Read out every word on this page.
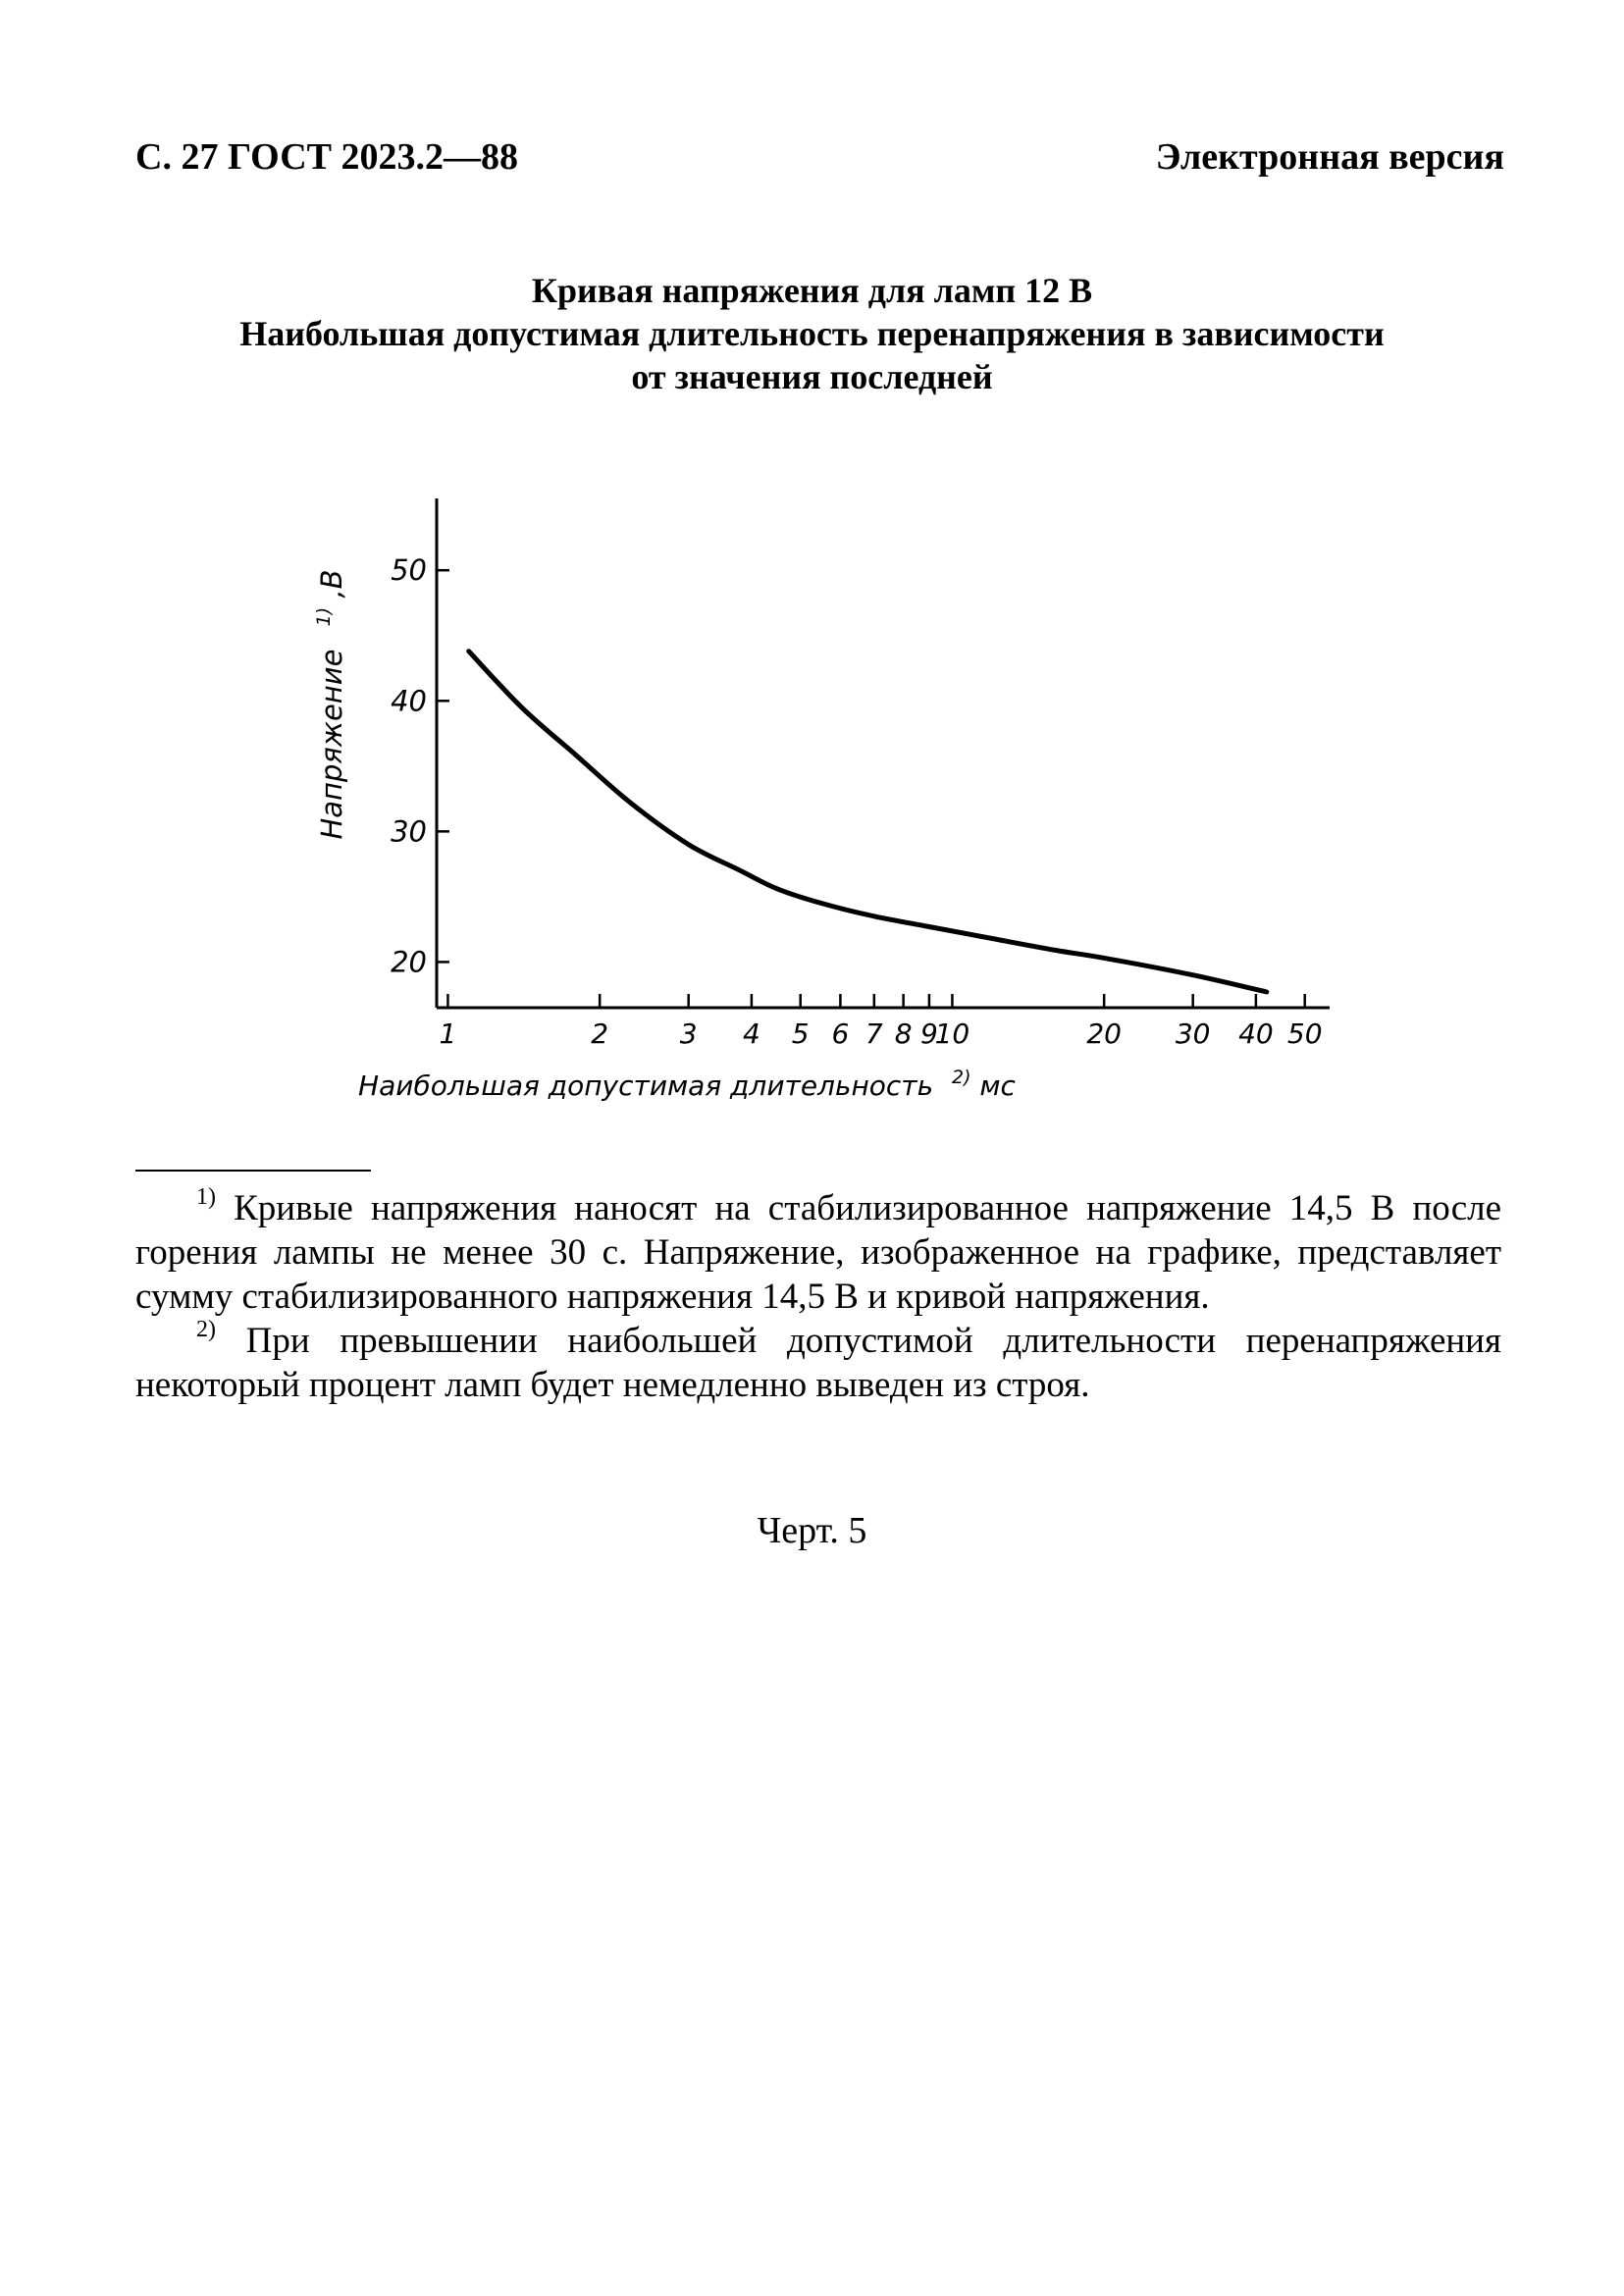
С. 27 ГОСТ 2023.2—88	Электронная версия
Кривая напряжения для ламп 12 В
Наибольшая допустимая длительность перенапряжения в зависимости
от значения последней
20
30
40
50
1	2	3 4 5 6 7 8 9
10	20 30 40 50
Напряжение $^{1)}$ ,В
Наибольшая допустимая длительность $^{2)}$ мс

$^{1)}$ Кривые напряжения наносят на стабилизированное напряжение 14,5 В после горения лампы не менее 30 с. Напряжение, изображенное на графике, представляет сумму стабилизированного напряжения 14,5 В и кривой напряжения.

$^{2)}$ При превышении наибольшей допустимой длительности перенапряжения некоторый процент ламп будет немедленно выведен из строя.

Черт. 5
